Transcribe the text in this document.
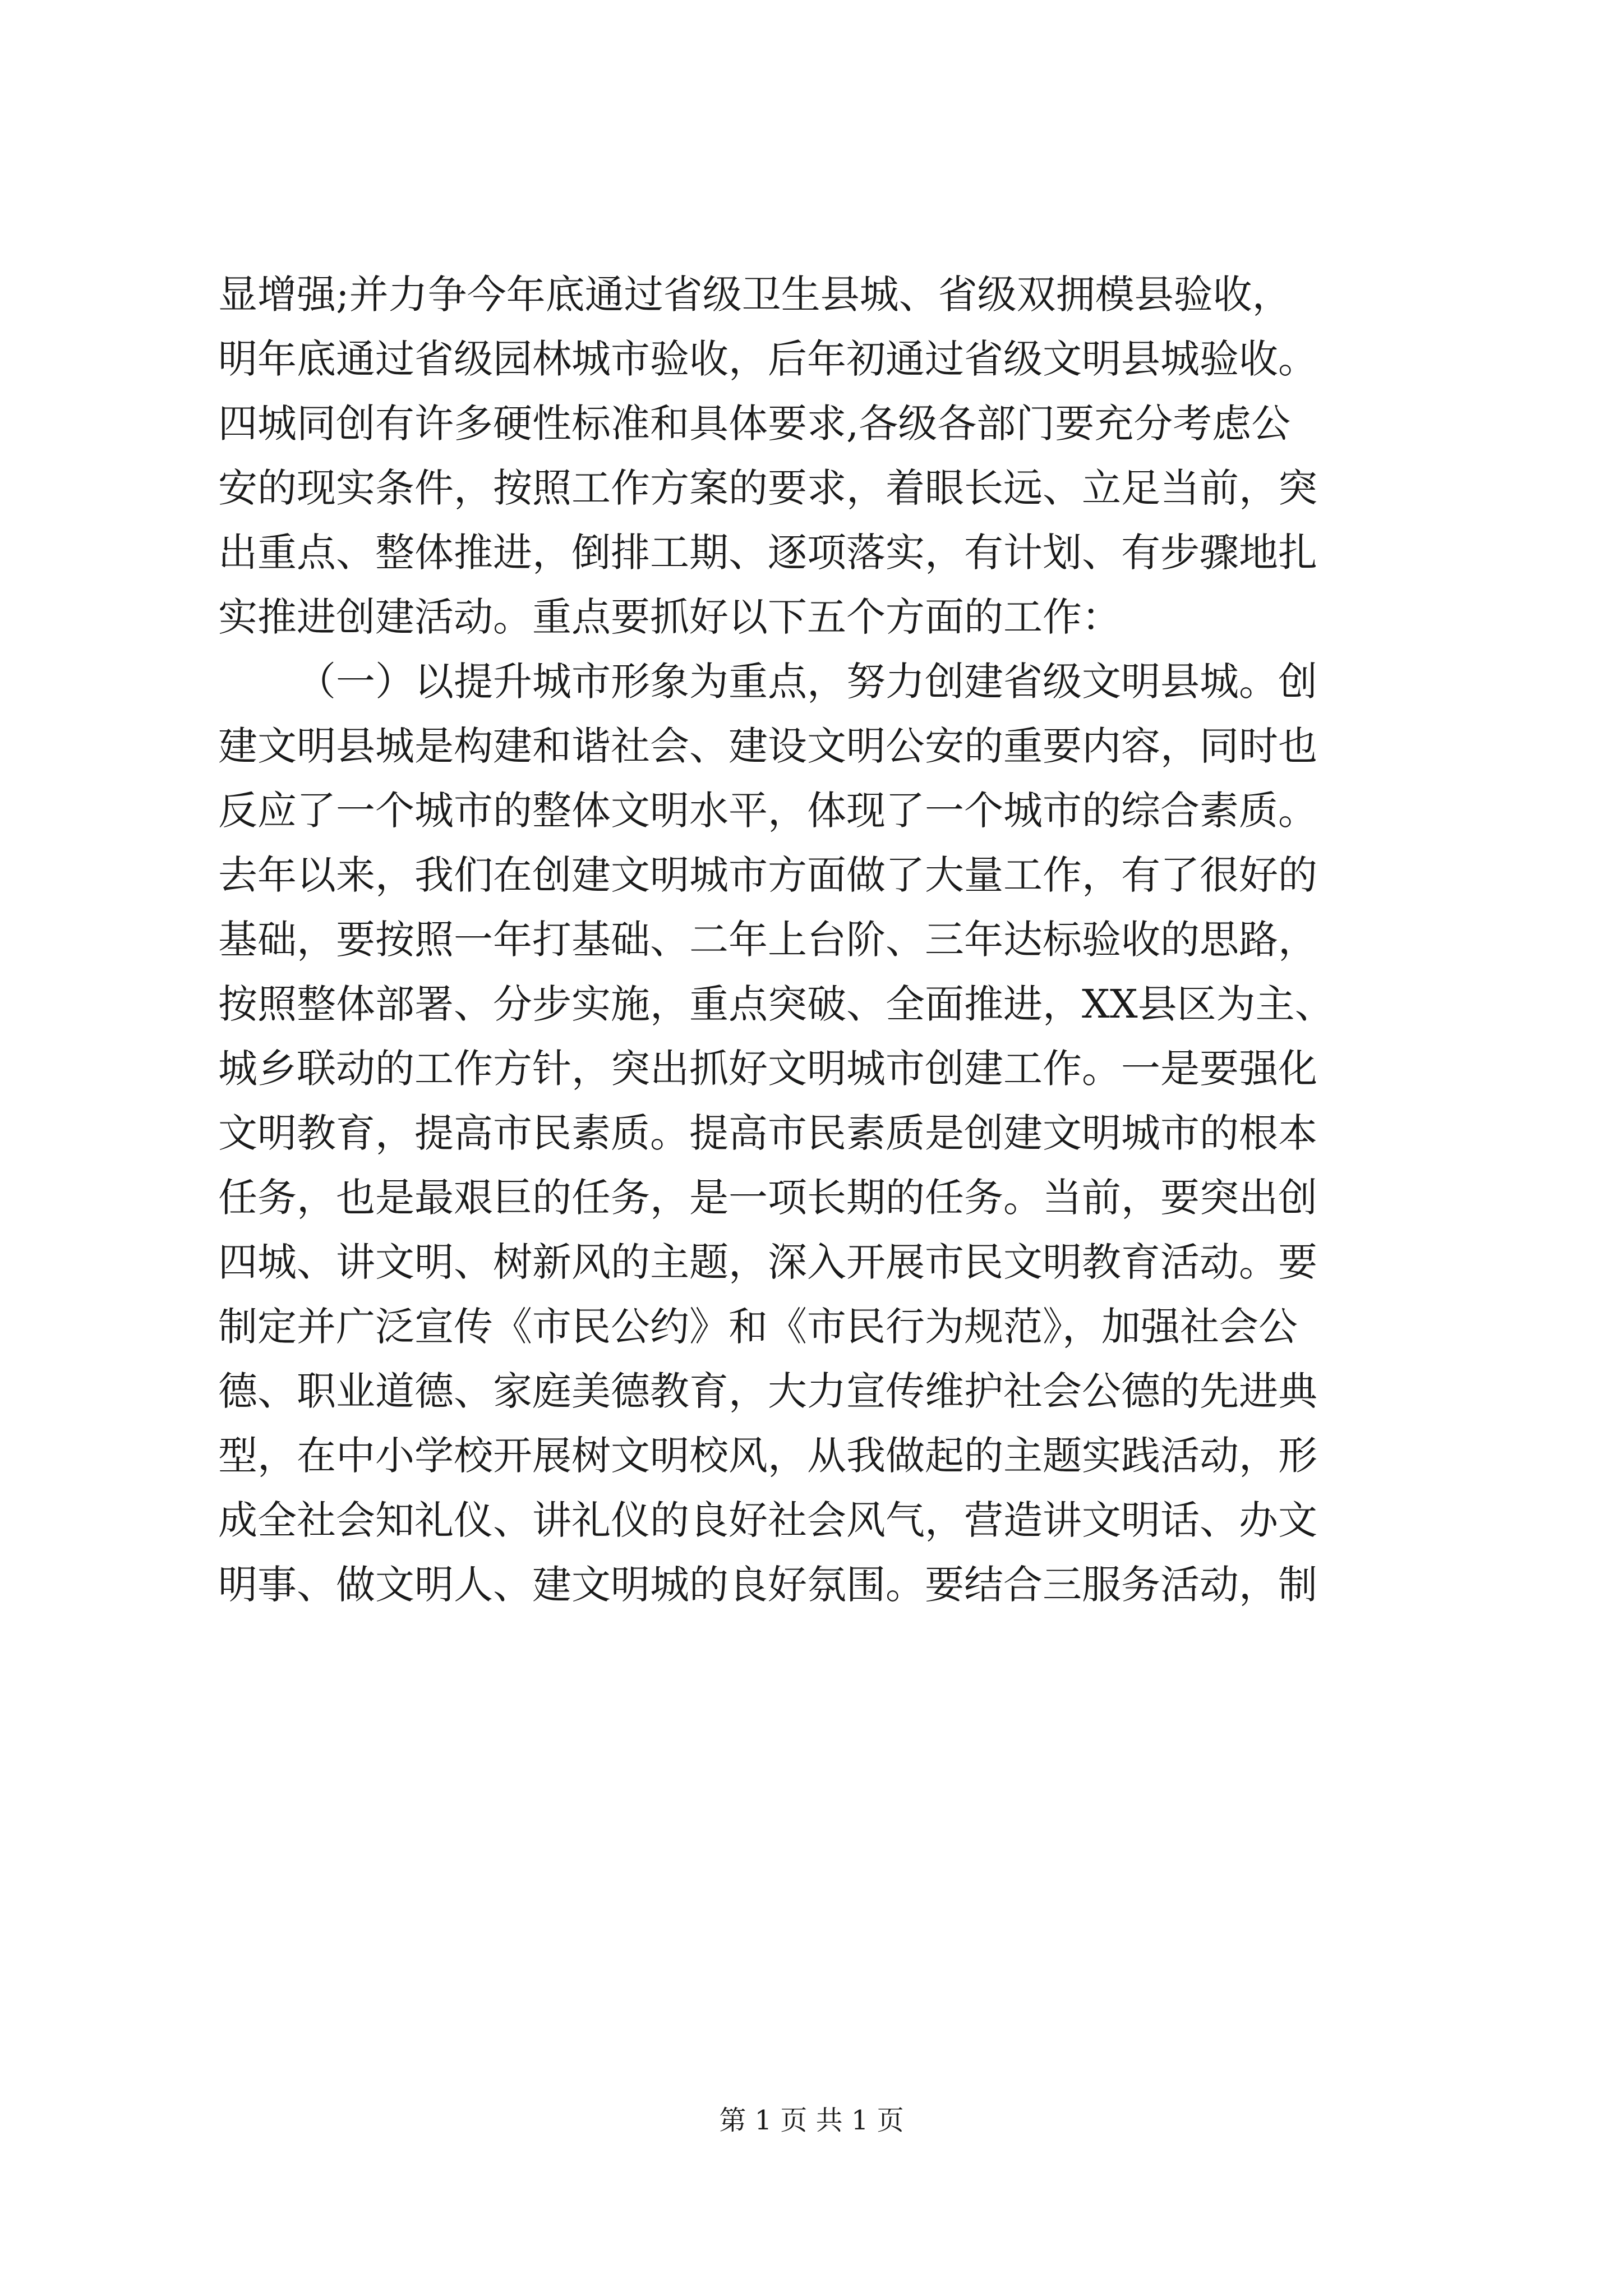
显增强;并力争今年底通过省级卫生县城、省级双拥模县验收，
明年底通过省级园林城市验收，后年初通过省级文明县城验收。
四城同创有许多硬性标准和具体要求,各级各部门要充分考虑公
安的现实条件，按照工作方案的要求，着眼长远、立足当前，突
出重点、整体推进，倒排工期、逐项落实，有计划、有步骤地扎
实推进创建活动。重点要抓好以下五个方面的工作：
（一）以提升城市形象为重点，努力创建省级文明县城。创
建文明县城是构建和谐社会、建设文明公安的重要内容，同时也
反应了一个城市的整体文明水平，体现了一个城市的综合素质。
去年以来，我们在创建文明城市方面做了大量工作，有了很好的
基础，要按照一年打基础、二年上台阶、三年达标验收的思路，
按照整体部署、分步实施，重点突破、全面推进，XX县区为主、
城乡联动的工作方针，突出抓好文明城市创建工作。一是要强化
文明教育，提高市民素质。提高市民素质是创建文明城市的根本
任务，也是最艰巨的任务，是一项长期的任务。当前，要突出创
四城、讲文明、树新风的主题，深入开展市民文明教育活动。要
制定并广泛宣传《市民公约》和《市民行为规范》，加强社会公
德、职业道德、家庭美德教育，大力宣传维护社会公德的先进典
型，在中小学校开展树文明校风，从我做起的主题实践活动，形
成全社会知礼仪、讲礼仪的良好社会风气，营造讲文明话、办文
明事、做文明人、建文明城的良好氛围。要结合三服务活动，制
第 1 页 共 1 页
